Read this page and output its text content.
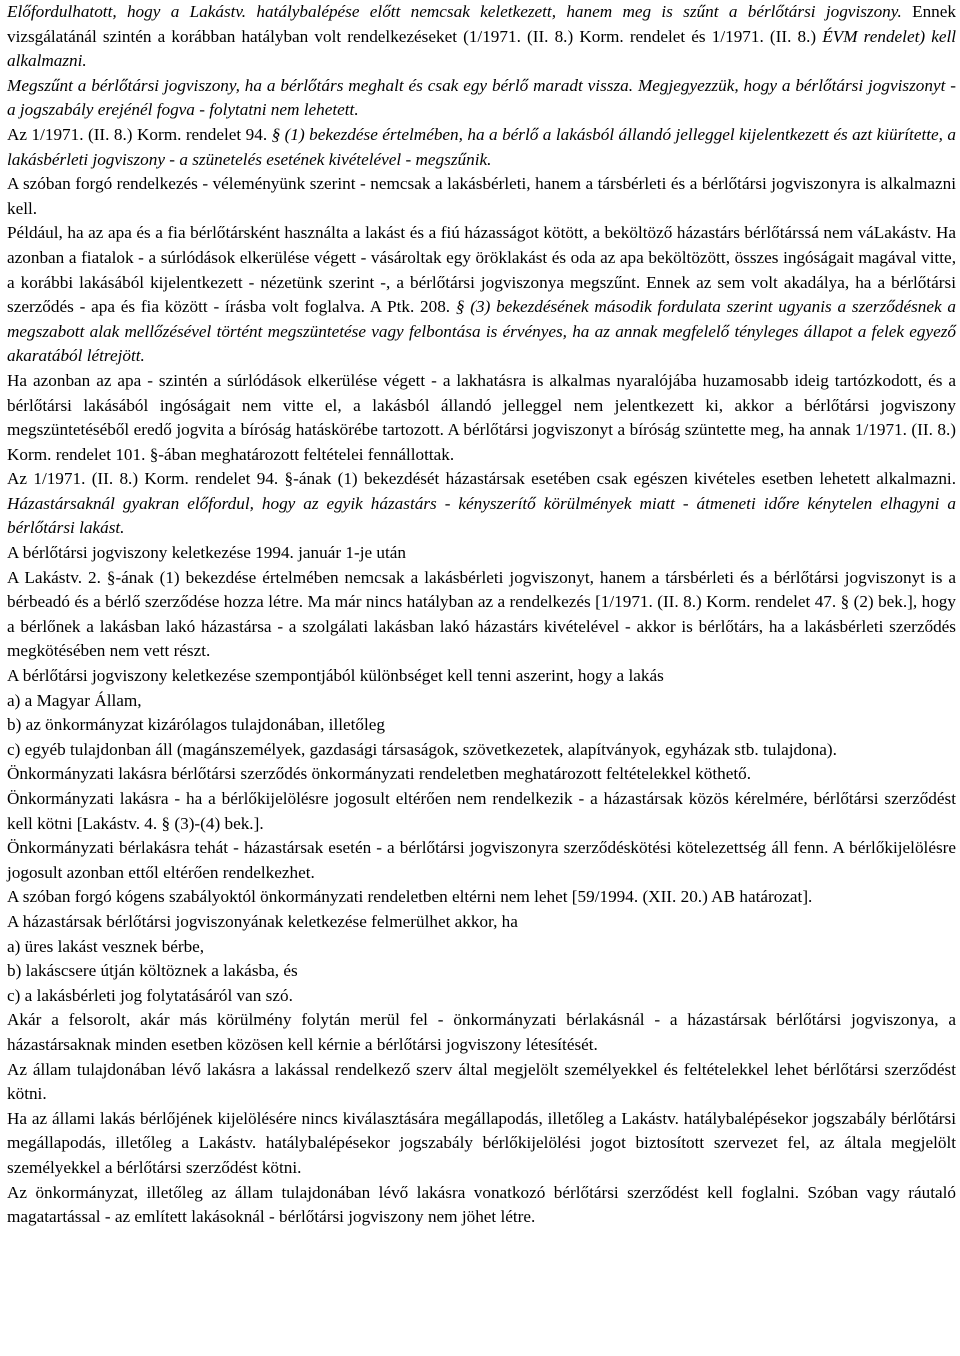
Előfordulhatott, hogy a Lakástv. hatálybalépése előtt nemcsak keletkezett, hanem meg is szűnt a bérlőtársi jogviszony. Ennek vizsgálatánál szintén a korábban hatályban volt rendelkezéseket (1/1971. (II. 8.) Korm. rendelet és 1/1971. (II. 8.) ÉVM rendelet) kell alkalmazni.

Megszűnt a bérlőtársi jogviszony, ha a bérlőtárs meghalt és csak egy bérlő maradt vissza. Megjegyezzük, hogy a bérlőtársi jogviszonyt - a jogszabály erejénél fogva - folytatni nem lehetett.

Az 1/1971. (II. 8.) Korm. rendelet 94. § (1) bekezdése értelmében, ha a bérlő a lakásból állandó jelleggel kijelentkezett és azt kiürítette, a lakásbérleti jogviszony - a szünetelés esetének kivételével - megszűnik.

A szóban forgó rendelkezés - véleményünk szerint - nemcsak a lakásbérleti, hanem a társbérleti és a bérlőtársi jogviszonyra is alkalmazni kell.

Például, ha az apa és a fia bérlőtársként használta a lakást és a fiú házasságot kötött, a beköltöző házastárs bérlőtárssá nem váLakástv. Ha azonban a fiatalok - a súrlódások elkerülése végett - vásároltak egy öröklakást és oda az apa beköltözött, összes ingóságait magával vitte, a korábbi lakásából kijelentkezett - nézetünk szerint -, a bérlőtársi jogviszonya megszűnt. Ennek az sem volt akadálya, ha a bérlőtársi szerződés - apa és fia között - írásba volt foglalva. A Ptk. 208. § (3) bekezdésének második fordulata szerint ugyanis a szerződésnek a megszabott alak mellőzésével történt megszüntetése vagy felbontása is érvényes, ha az annak megfelelő tényleges állapot a felek egyező akaratából létrejött.

Ha azonban az apa - szintén a súrlódások elkerülése végett - a lakhatásra is alkalmas nyaralójába huzamosabb ideig tartózkodott, és a bérlőtársi lakásából ingóságait nem vitte el, a lakásból állandó jelleggel nem jelentkezett ki, akkor a bérlőtársi jogviszony megszüntetéséből eredő jogvita a bíróság hatáskörébe tartozott. A bérlőtársi jogviszonyt a bíróság szüntette meg, ha annak 1/1971. (II. 8.) Korm. rendelet 101. §-ában meghatározott feltételei fennállottak.

Az 1/1971. (II. 8.) Korm. rendelet 94. §-ának (1) bekezdését házastársak esetében csak egészen kivételes esetben lehetett alkalmazni. Házastársaknál gyakran előfordul, hogy az egyik házastárs - kényszerítő körülmények miatt - átmeneti időre kénytelen elhagyni a bérlőtársi lakást.

A bérlőtársi jogviszony keletkezése 1994. január 1-je után

A Lakástv. 2. §-ának (1) bekezdése értelmében nemcsak a lakásbérleti jogviszonyt, hanem a társbérleti és a bérlőtársi jogviszonyt is a bérbeadó és a bérlő szerződése hozza létre. Ma már nincs hatályban az a rendelkezés [1/1971. (II. 8.) Korm. rendelet 47. § (2) bek.], hogy a bérlőnek a lakásban lakó házastársa - a szolgálati lakásban lakó házastárs kivételével - akkor is bérlőtárs, ha a lakásbérleti szerződés megkötésében nem vett részt.

A bérlőtársi jogviszony keletkezése szempontjából különbséget kell tenni aszerint, hogy a lakás

a) a Magyar Állam,

b) az önkormányzat kizárólagos tulajdonában, illetőleg

c) egyéb tulajdonban áll (magánszemélyek, gazdasági társaságok, szövetkezetek, alapítványok, egyházak stb. tulajdona).

Önkormányzati lakásra bérlőtársi szerződés önkormányzati rendeletben meghatározott feltételekkel köthető.

Önkormányzati lakásra - ha a bérlőkijelölésre jogosult eltérően nem rendelkezik - a házastársak közös kérelmére, bérlőtársi szerződést kell kötni [Lakástv. 4. § (3)-(4) bek.].

Önkormányzati bérlakásra tehát - házastársak esetén - a bérlőtársi jogviszonyra szerződéskötési kötelezettség áll fenn. A bérlőkijelölésre jogosult azonban ettől eltérően rendelkezhet.

A szóban forgó kógens szabályoktól önkormányzati rendeletben eltérni nem lehet [59/1994. (XII. 20.) AB határozat].

A házastársak bérlőtársi jogviszonyának keletkezése felmerülhet akkor, ha

a) üres lakást vesznek bérbe,

b) lakáscsere útján költöznek a lakásba, és

c) a lakásbérleti jog folytatásáról van szó.

Akár a felsorolt, akár más körülmény folytán merül fel - önkormányzati bérlakásnál - a házastársak bérlőtársi jogviszonya, a házastársaknak minden esetben közösen kell kérnie a bérlőtársi jogviszony létesítését.

Az állam tulajdonában lévő lakásra a lakással rendelkező szerv által megjelölt személyekkel és feltételekkel lehet bérlőtársi szerződést kötni.

Ha az állami lakás bérlőjének kijelölésére nincs kiválasztására megállapodás, illetőleg a Lakástv. hatálybalépésekor jogszabály bérlőtársi megállapodás, illetőleg a Lakástv. hatálybalépésekor jogszabály bérlőkijelölési jogot biztosított szervezet fel, az általa megjelölt személyekkel a bérlőtársi szerződést kötni.

Az önkormányzat, illetőleg az állam tulajdonában lévő lakásra vonatkozó bérlőtársi szerződést kell foglalni. Szóban vagy ráutaló magatartással - az említett lakásoknál - bérlőtársi jogviszony nem jöhet létre.
